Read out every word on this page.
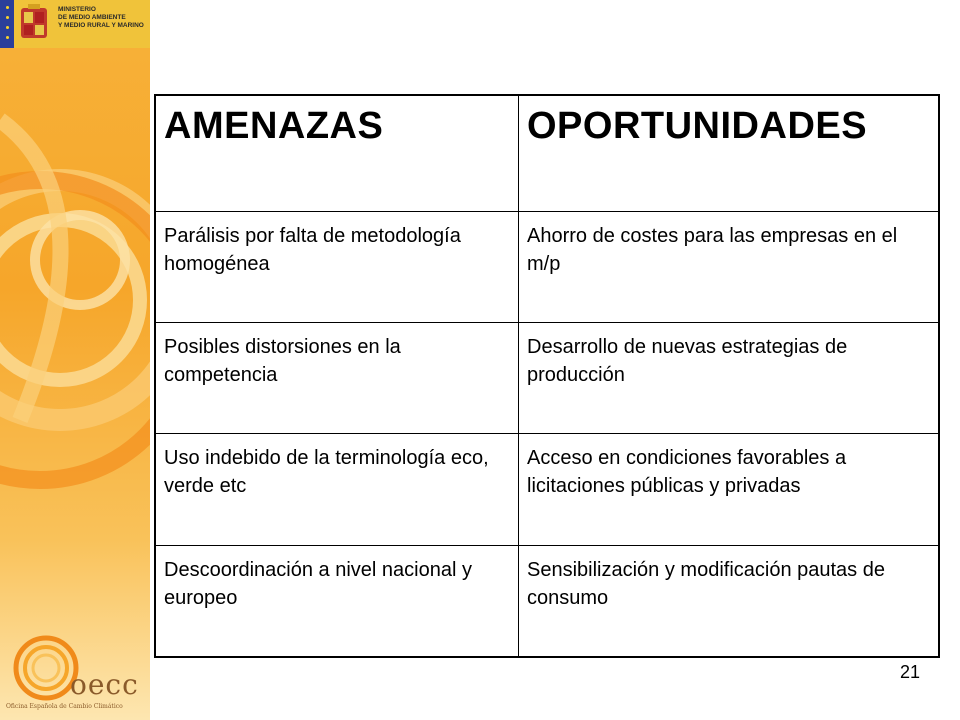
MINISTERIO
DE MEDIO AMBIENTE
Y MEDIO RURAL Y MARINO
AMENAZAS	OPORTUNIDADES
Parálisis por falta de metodología homogénea	Ahorro de costes para las empresas en el m/p
Posibles distorsiones en la competencia	Desarrollo de nuevas estrategias de producción
Uso indebido de la terminología eco, verde etc	Acceso en condiciones favorables a licitaciones públicas y privadas
Descoordinación a nivel nacional y europeo	Sensibilización y modificación pautas de consumo
21
oecc
Oficina Española de Cambio Climático
